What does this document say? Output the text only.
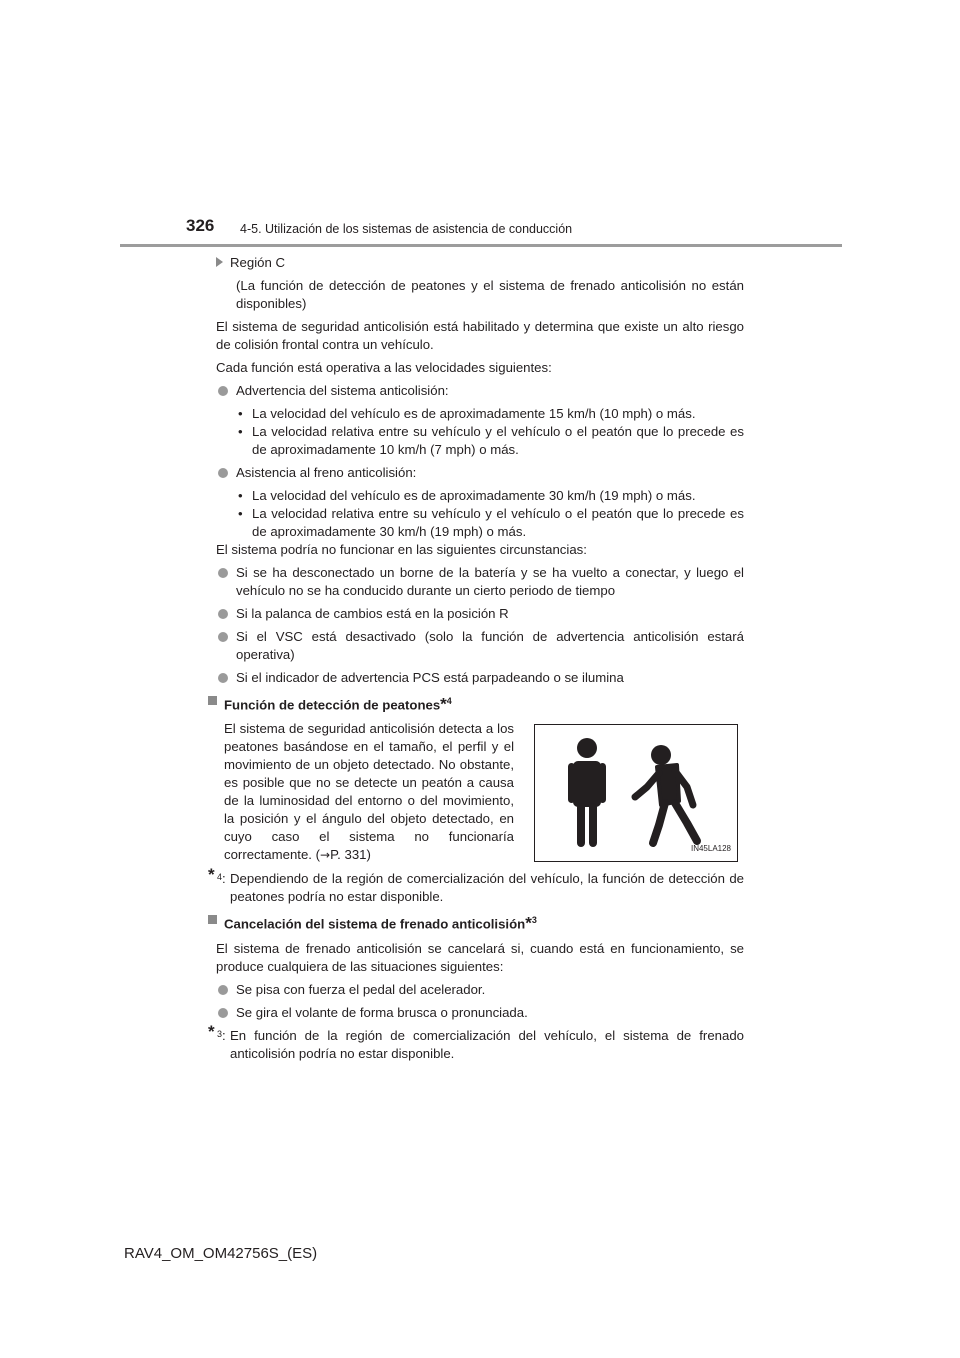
326 4-5. Utilización de los sistemas de asistencia de conducción

Región C

(La función de detección de peatones y el sistema de frenado anticolisión no están disponibles)

El sistema de seguridad anticolisión está habilitado y determina que existe un alto riesgo de colisión frontal contra un vehículo.

Cada función está operativa a las velocidades siguientes:

Advertencia del sistema anticolisión:

• La velocidad del vehículo es de aproximadamente 15 km/h (10 mph) o más.

• La velocidad relativa entre su vehículo y el vehículo o el peatón que lo precede es de aproximadamente 10 km/h (7 mph) o más.

Asistencia al freno anticolisión:

• La velocidad del vehículo es de aproximadamente 30 km/h (19 mph) o más.

• La velocidad relativa entre su vehículo y el vehículo o el peatón que lo precede es de aproximadamente 30 km/h (19 mph) o más.

El sistema podría no funcionar en las siguientes circunstancias:

Si se ha desconectado un borne de la batería y se ha vuelto a conectar, y luego el vehículo no se ha conducido durante un cierto periodo de tiempo
Si la palanca de cambios está en la posición R
Si el VSC está desactivado (solo la función de advertencia anticolisión estará operativa)
Si el indicador de advertencia PCS está parpadeando o se ilumina
Función de detección de peatones*$^4$
El sistema de seguridad anticolisión detecta a los peatones basándose en el tamaño, el perfil y el movimiento de un objeto detectado. No obstante, es posible que no se detecte un peatón a causa de la luminosidad del entorno o del movimiento, la posición y el ángulo del objeto detectado, en cuyo caso el sistema no funcionaría correctamente. (→P. 331)	IN45LA128
* 4 : Dependiendo de la región de comercialización del vehículo, la función de detección de peatones podría no estar disponible.
Cancelación del sistema de frenado anticolisión*$^3$

El sistema de frenado anticolisión se cancelará si, cuando está en funcionamiento, se produce cualquiera de las situaciones siguientes:

Se pisa con fuerza el pedal del acelerador.
Se gira el volante de forma brusca o pronunciada.
* 3 : En función de la región de comercialización del vehículo, el sistema de frenado anticolisión podría no estar disponible.
RAV4_OM_OM42756S_(ES)
